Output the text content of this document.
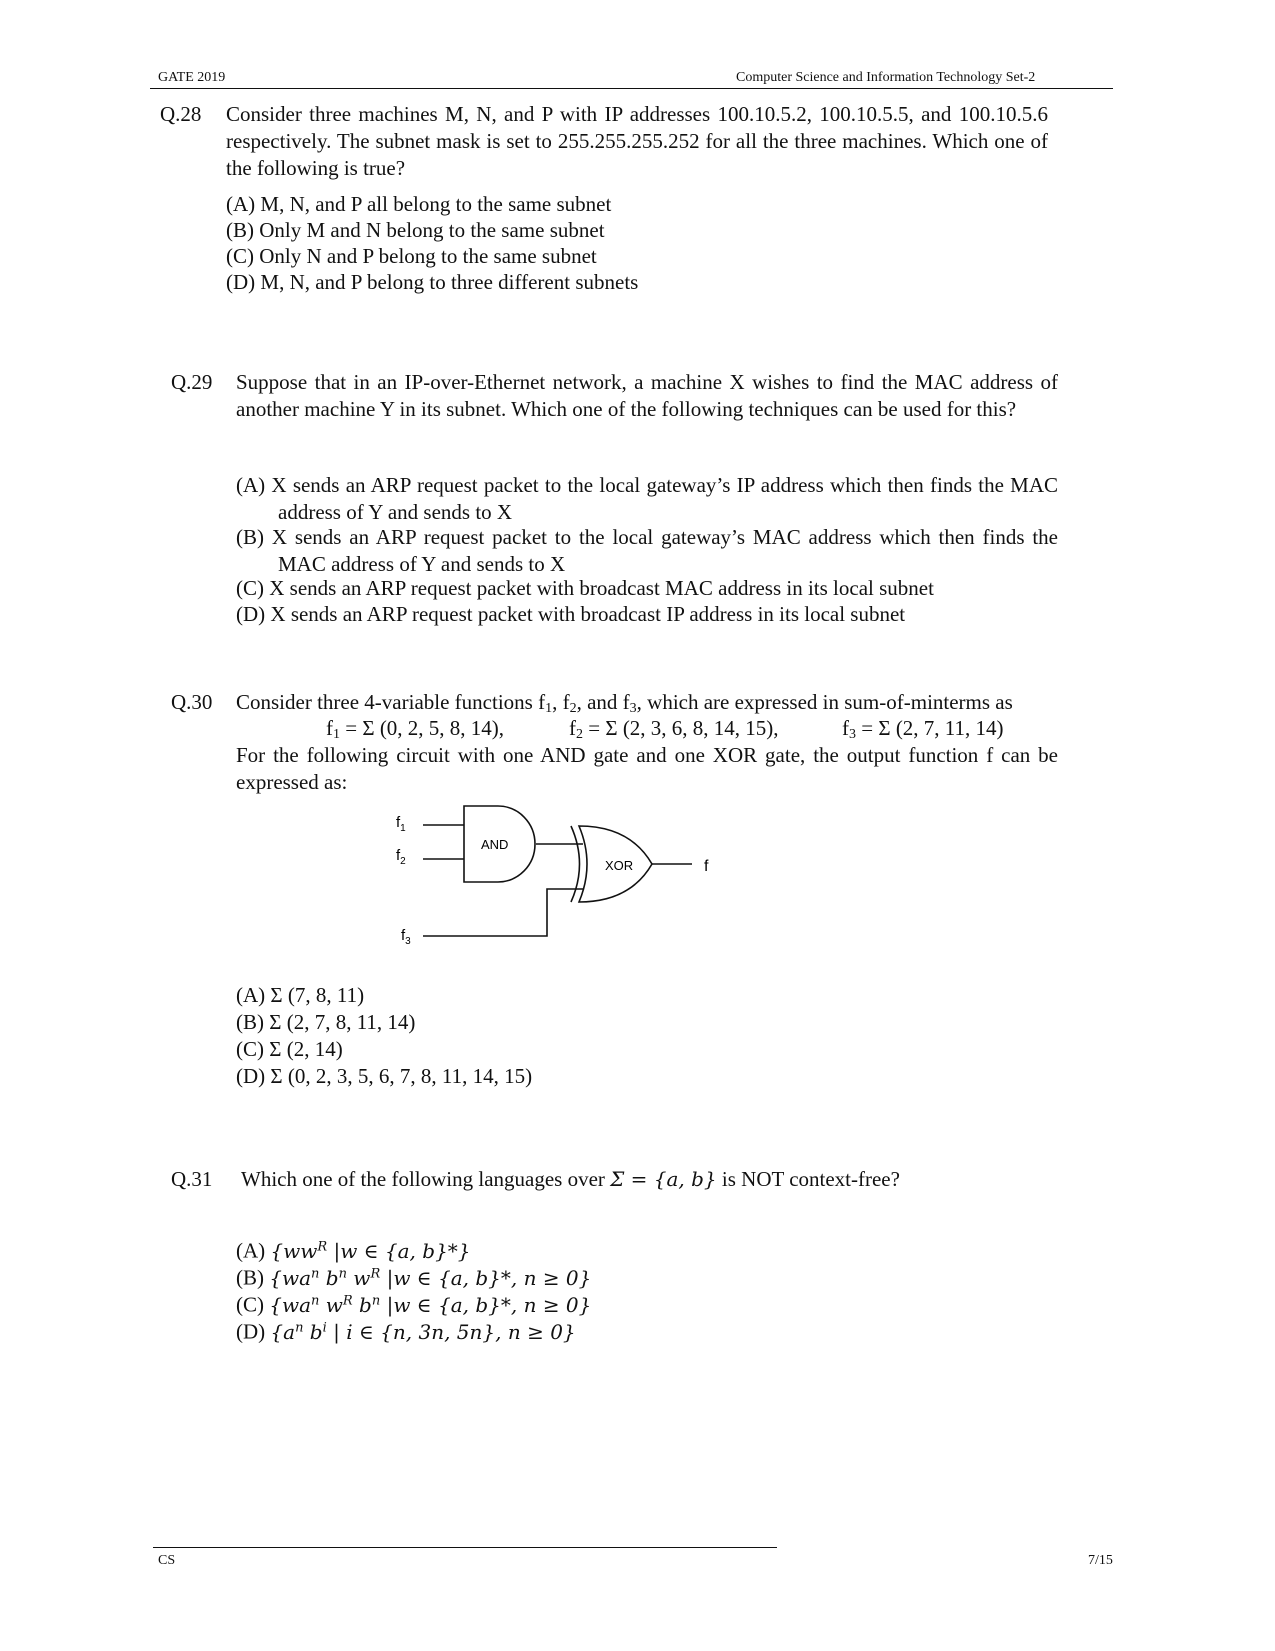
GATE 2019	Computer Science and Information Technology Set-2
Q.28 Consider three machines M, N, and P with IP addresses 100.10.5.2, 100.10.5.5, and 100.10.5.6 respectively. The subnet mask is set to 255.255.255.252 for all the three machines. Which one of the following is true?
(A) M, N, and P all belong to the same subnet
(B) Only M and N belong to the same subnet
(C) Only N and P belong to the same subnet
(D) M, N, and P belong to three different subnets
Q.29 Suppose that in an IP-over-Ethernet network, a machine X wishes to find the MAC address of another machine Y in its subnet. Which one of the following techniques can be used for this?
(A) X sends an ARP request packet to the local gateway’s IP address which then finds the MAC address of Y and sends to X
(B) X sends an ARP request packet to the local gateway’s MAC address which then finds the MAC address of Y and sends to X
(C) X sends an ARP request packet with broadcast MAC address in its local subnet
(D) X sends an ARP request packet with broadcast IP address in its local subnet
Q.30 Consider three 4-variable functions $f_1$, $f_2$, and $f_3$, which are expressed in sum-of-minterms as
$f_1 = \Sigma$ (0, 2, 5, 8, 14),	$f_2 = \Sigma$ (2, 3, 6, 8, 14, 15),	$f_3 = \Sigma$ (2, 7, 11, 14)
For the following circuit with one AND gate and one XOR gate, the output function f can be expressed as:
$f_1$
$f_2$
$f_3$
AND
XOR	f
(A) Σ (7, 8, 11)
(B) Σ (2, 7, 8, 11, 14)
(C) Σ (2, 14)
(D) Σ (0, 2, 3, 5, 6, 7, 8, 11, 14, 15)
Q.31 Which one of the following languages over Σ = {a, b} is NOT context-free?
(A) {$ww^R$ |w ∈ {a, b}*}
(B) {$wa^n$ $b^n$ $w^R$ |w ∈ {a, b}*, n ≥ 0}
(C) {$wa^n$ $w^R$ $b^n$ |w ∈ {a, b}*, n ≥ 0}
(D) {$a^n$ $b^i$ | i ∈ {n, 3n, 5n}, n ≥ 0}
CS	7/15
